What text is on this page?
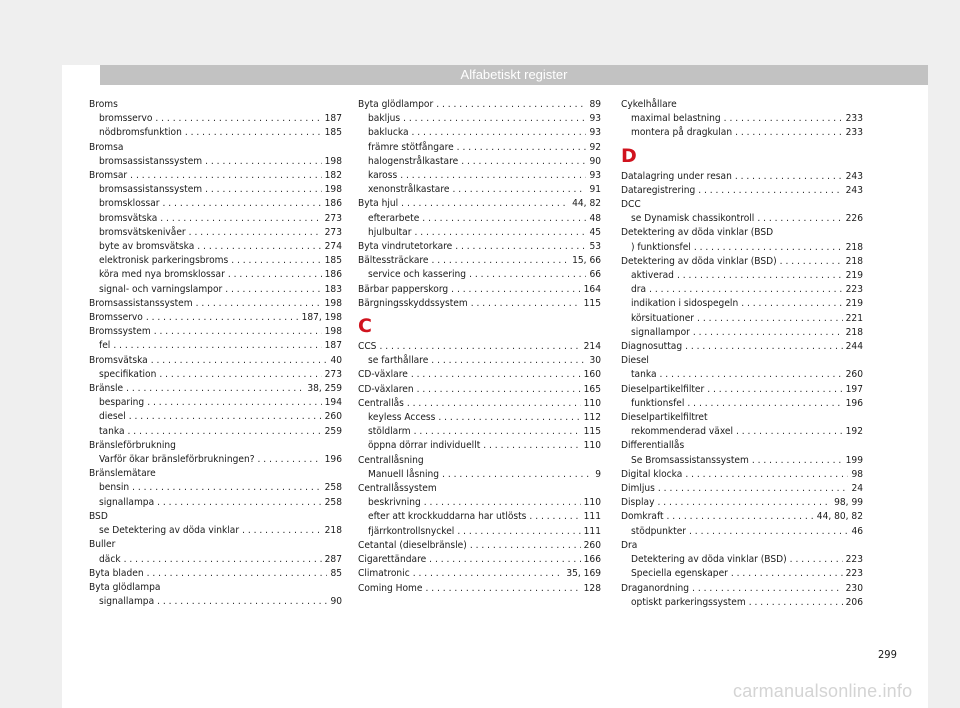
Alfabetiskt register
Broms
bromsservo . . .	187
nödbromsfunktion . . .	185
Bromsa
bromsassistanssystem . . .	198
Bromsar . . .	182
bromsassistanssystem . . .	198
bromsklossar . . .	186
bromsvätska . . .	273
bromsvätskenivåer . . .	273
byte av bromsvätska . . .	274
elektronisk parkeringsbroms . . .	185
köra med nya bromsklossar . . .	186
signal- och varningslampor . . .	183
Bromsassistanssystem . . .	198
Bromsservo . . .	187, 198
Bromssystem . . .	198
fel . . .	187
Bromsvätska . . .	40
specifikation . . .	273
Bränsle . . .	38, 259
besparing . . .	194
diesel . . .	260
tanka . . .	259
Bränsleförbrukning
Varför ökar bränsleförbrukningen? . . .	196
Bränslemätare
bensin . . .	258
signallampa . . .	258
BSD
se Detektering av döda vinklar . . .	218
Buller
däck . . .	287
Byta bladen . . .	85
Byta glödlampa
signallampa . . .	90
Byta glödlampor . . .	89
bakljus . . .	93
baklucka . . .	93
främre stötfångare . . .	92
halogenstrålkastare . . .	90
kaross . . .	93
xenonstrålkastare . . .	91
Byta hjul . . .	44, 82
efterarbete . . .	48
hjulbultar . . .	45
Byta vindrutetorkare . . .	53
Bältessträckare . . .	15, 66
service och kassering . . .	66
Bärbar papperskorg . . .	164
Bärgningsskyddssystem . . .	115
C
CCS . . .	214
se farthållare . . .	30
CD-växlare . . .	160
CD-växlaren . . .	165
Centrallås . . .	110
keyless Access . . .	112
stöldlarm . . .	115
öppna dörrar individuellt . . .	110
Centrallåsning
Manuell låsning . . .	9
Centrallåssystem
beskrivning . . .	110
efter att krockkuddarna har utlösts . . .	111
fjärrkontrollsnyckel . . .	111
Cetantal (dieselbränsle) . . .	260
Cigarettändare . . .	166
Climatronic . . .	35, 169
Coming Home . . .	128
Cykelhållare
maximal belastning . . .	233
montera på dragkulan . . .	233
D
Datalagring under resan . . .	243
Dataregistrering . . .	243
DCC
se Dynamisk chassikontroll . . .	226
Detektering av döda vinklar (BSD
) funktionsfel . . .	218
Detektering av döda vinklar (BSD) . . .	218
aktiverad . . .	219
dra . . .	223
indikation i sidospegeln . . .	219
körsituationer . . .	221
signallampor . . .	218
Diagnosuttag . . .	244
Diesel
tanka . . .	260
Dieselpartikelfilter . . .	197
funktionsfel . . .	196
Dieselpartikelfiltret
rekommenderad växel . . .	192
Differentiallås
Se Bromsassistanssystem . . .	199
Digital klocka . . .	98
Dimljus . . .	24
Display . . .	98, 99
Domkraft . . .	44, 80, 82
stödpunkter . . .	46
Dra
Detektering av döda vinklar (BSD) . . .	223
Speciella egenskaper . . .	223
Draganordning . . .	230
optiskt parkeringssystem . . .	206
299
carmanualsonline.info
